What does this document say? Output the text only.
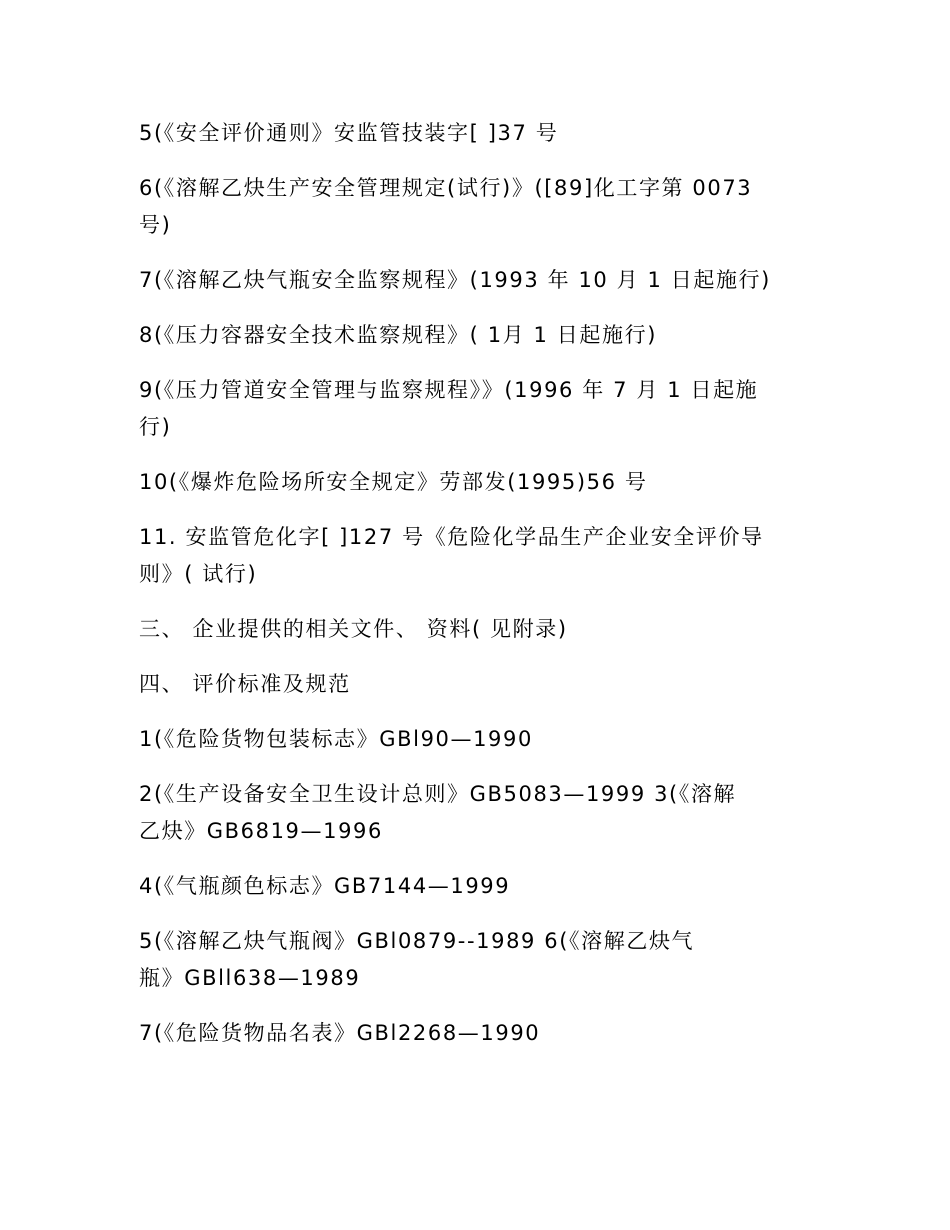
5(《安全评价通则》安监管技装字[ ]37 号

6(《溶解乙炔生产安全管理规定(试行)》([89]化工字第 0073
号)

7(《溶解乙炔气瓶安全监察规程》(1993 年 10 月 1 日起施行)

8(《压力容器安全技术监察规程》( 1月 1 日起施行)

9(《压力管道安全管理与监察规程》》(1996 年 7 月 1 日起施
行)

10(《爆炸危险场所安全规定》劳部发(1995)56 号

11. 安监管危化字[ ]127 号《危险化学品生产企业安全评价导
则》( 试行)

三、 企业提供的相关文件、 资料( 见附录)

四、 评价标准及规范

1(《危险货物包装标志》GBl90—1990

2(《生产设备安全卫生设计总则》GB5083—1999 3(《溶解
乙炔》GB6819—1996

4(《气瓶颜色标志》GB7144—1999

5(《溶解乙炔气瓶阀》GBl0879--1989 6(《溶解乙炔气
瓶》GBll638—1989

7(《危险货物品名表》GBl2268—1990
